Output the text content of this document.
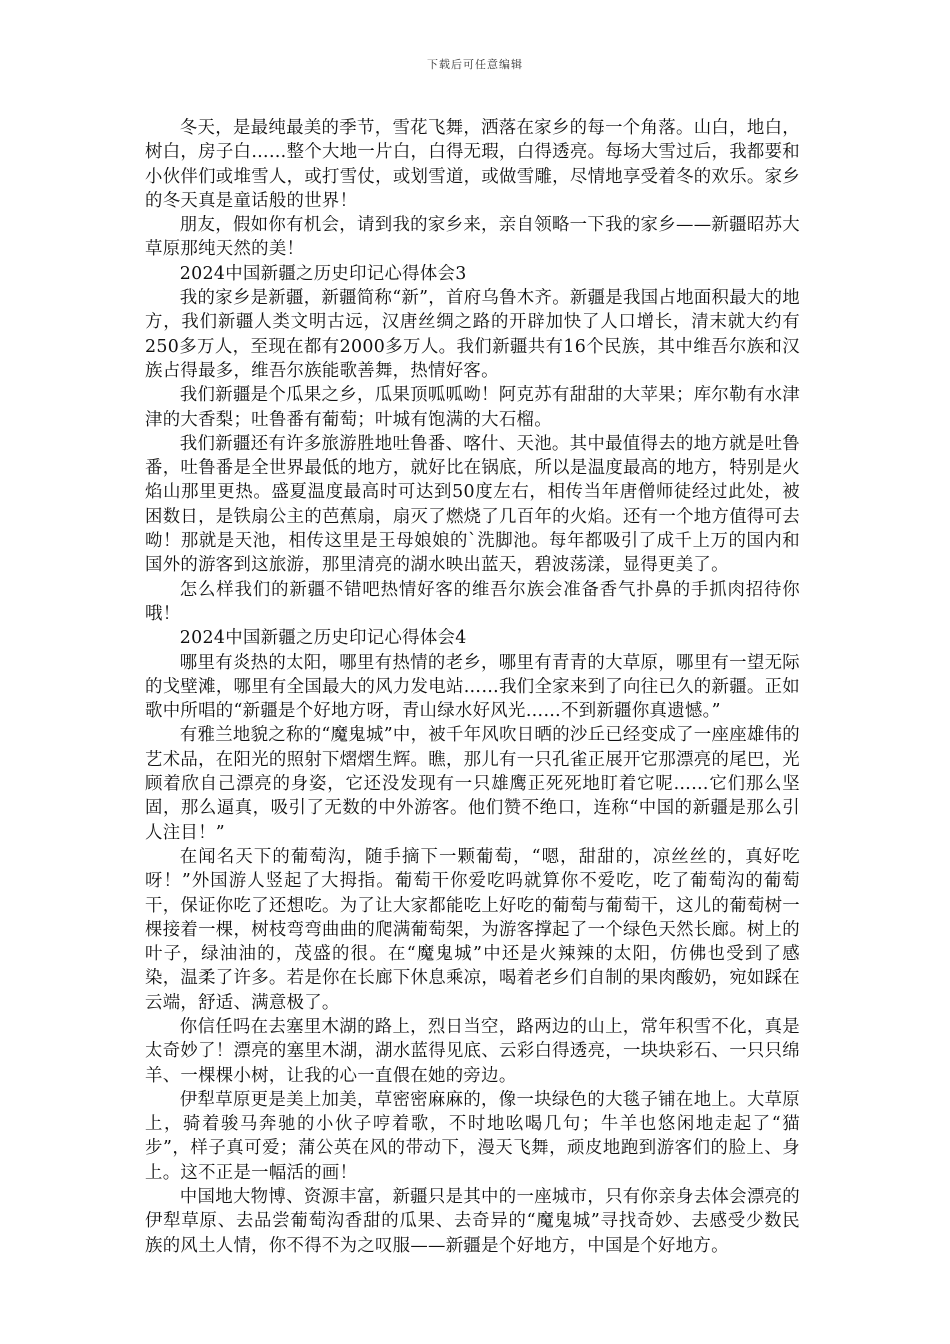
下载后可任意编辑

冬天，是最纯最美的季节，雪花飞舞，洒落在家乡的每一个角落。山白，地白，树白，房子白……整个大地一片白，白得无瑕，白得透亮。每场大雪过后，我都要和小伙伴们或堆雪人，或打雪仗，或划雪道，或做雪雕，尽情地享受着冬的欢乐。家乡的冬天真是童话般的世界！

朋友，假如你有机会，请到我的家乡来，亲自领略一下我的家乡——新疆昭苏大草原那纯天然的美！

2024中国新疆之历史印记心得体会3

我的家乡是新疆，新疆简称“新”，首府乌鲁木齐。新疆是我国占地面积最大的地方，我们新疆人类文明古远，汉唐丝绸之路的开辟加快了人口增长，清末就大约有250多万人，至现在都有2000多万人。我们新疆共有16个民族，其中维吾尔族和汉族占得最多，维吾尔族能歌善舞，热情好客。

我们新疆是个瓜果之乡，瓜果顶呱呱呦！阿克苏有甜甜的大苹果；库尔勒有水津津的大香梨；吐鲁番有葡萄；叶城有饱满的大石榴。

我们新疆还有许多旅游胜地吐鲁番、喀什、天池。其中最值得去的地方就是吐鲁番，吐鲁番是全世界最低的地方，就好比在锅底，所以是温度最高的地方，特别是火焰山那里更热。盛夏温度最高时可达到50度左右，相传当年唐僧师徒经过此处，被困数日，是铁扇公主的芭蕉扇，扇灭了燃烧了几百年的火焰。还有一个地方值得可去呦！那就是天池，相传这里是王母娘娘的`洗脚池。每年都吸引了成千上万的国内和国外的游客到这旅游，那里清亮的湖水映出蓝天，碧波荡漾，显得更美了。

怎么样我们的新疆不错吧热情好客的维吾尔族会准备香气扑鼻的手抓肉招待你哦！

2024中国新疆之历史印记心得体会4

哪里有炎热的太阳，哪里有热情的老乡，哪里有青青的大草原，哪里有一望无际的戈壁滩，哪里有全国最大的风力发电站……我们全家来到了向往已久的新疆。正如歌中所唱的“新疆是个好地方呀，青山绿水好风光……不到新疆你真遗憾。”

有雅兰地貌之称的“魔鬼城”中，被千年风吹日晒的沙丘已经变成了一座座雄伟的艺术品，在阳光的照射下熠熠生辉。瞧，那儿有一只孔雀正展开它那漂亮的尾巴，光顾着欣自己漂亮的身姿，它还没发现有一只雄鹰正死死地盯着它呢……它们那么坚固，那么逼真，吸引了无数的中外游客。他们赞不绝口，连称“中国的新疆是那么引人注目！”

在闻名天下的葡萄沟，随手摘下一颗葡萄，“嗯，甜甜的，凉丝丝的，真好吃呀！”外国游人竖起了大拇指。葡萄干你爱吃吗就算你不爱吃，吃了葡萄沟的葡萄干，保证你吃了还想吃。为了让大家都能吃上好吃的葡萄与葡萄干，这儿的葡萄树一棵接着一棵，树枝弯弯曲曲的爬满葡萄架，为游客撑起了一个绿色天然长廊。树上的叶子，绿油油的，茂盛的很。在“魔鬼城”中还是火辣辣的太阳，仿佛也受到了感染，温柔了许多。若是你在长廊下休息乘凉，喝着老乡们自制的果肉酸奶，宛如踩在云端，舒适、满意极了。

你信任吗在去塞里木湖的路上，烈日当空，路两边的山上，常年积雪不化，真是太奇妙了！漂亮的塞里木湖，湖水蓝得见底、云彩白得透亮，一块块彩石、一只只绵羊、一棵棵小树，让我的心一直偎在她的旁边。

伊犁草原更是美上加美，草密密麻麻的，像一块绿色的大毯子铺在地上。大草原上，骑着骏马奔驰的小伙子哼着歌，不时地吆喝几句；牛羊也悠闲地走起了“猫步”，样子真可爱；蒲公英在风的带动下，漫天飞舞，顽皮地跑到游客们的脸上、身上。这不正是一幅活的画！

中国地大物博、资源丰富，新疆只是其中的一座城市，只有你亲身去体会漂亮的伊犁草原、去品尝葡萄沟香甜的瓜果、去奇异的“魔鬼城”寻找奇妙、去感受少数民族的风土人情，你不得不为之叹服——新疆是个好地方，中国是个好地方。
